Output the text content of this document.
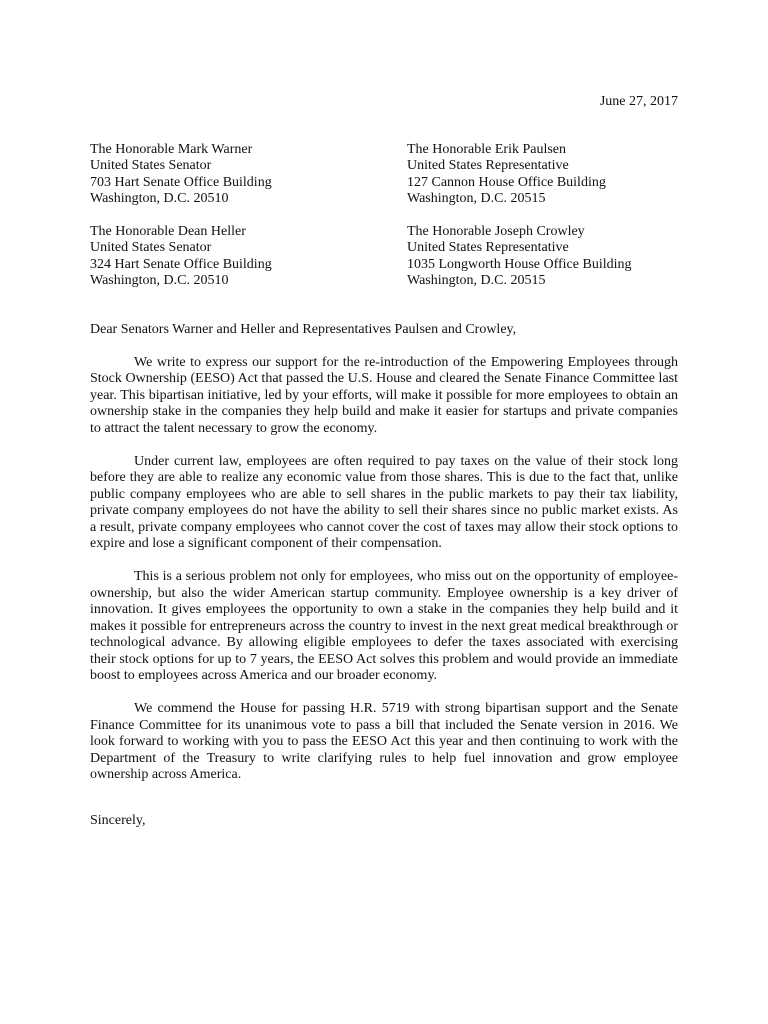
June 27, 2017
The Honorable Mark Warner
United States Senator
703 Hart Senate Office Building
Washington, D.C. 20510
The Honorable Erik Paulsen
United States Representative
127 Cannon House Office Building
Washington, D.C. 20515
The Honorable Dean Heller
United States Senator
324 Hart Senate Office Building
Washington, D.C. 20510
The Honorable Joseph Crowley
United States Representative
1035 Longworth House Office Building
Washington, D.C. 20515
Dear Senators Warner and Heller and Representatives Paulsen and Crowley,

We write to express our support for the re-introduction of the Empowering Employees through Stock Ownership (EESO) Act that passed the U.S. House and cleared the Senate Finance Committee last year. This bipartisan initiative, led by your efforts, will make it possible for more employees to obtain an ownership stake in the companies they help build and make it easier for startups and private companies to attract the talent necessary to grow the economy.

Under current law, employees are often required to pay taxes on the value of their stock long before they are able to realize any economic value from those shares. This is due to the fact that, unlike public company employees who are able to sell shares in the public markets to pay their tax liability, private company employees do not have the ability to sell their shares since no public market exists. As a result, private company employees who cannot cover the cost of taxes may allow their stock options to expire and lose a significant component of their compensation.

This is a serious problem not only for employees, who miss out on the opportunity of employee-ownership, but also the wider American startup community. Employee ownership is a key driver of innovation. It gives employees the opportunity to own a stake in the companies they help build and it makes it possible for entrepreneurs across the country to invest in the next great medical breakthrough or technological advance. By allowing eligible employees to defer the taxes associated with exercising their stock options for up to 7 years, the EESO Act solves this problem and would provide an immediate boost to employees across America and our broader economy.

We commend the House for passing H.R. 5719 with strong bipartisan support and the Senate Finance Committee for its unanimous vote to pass a bill that included the Senate version in 2016. We look forward to working with you to pass the EESO Act this year and then continuing to work with the Department of the Treasury to write clarifying rules to help fuel innovation and grow employee ownership across America.

Sincerely,
